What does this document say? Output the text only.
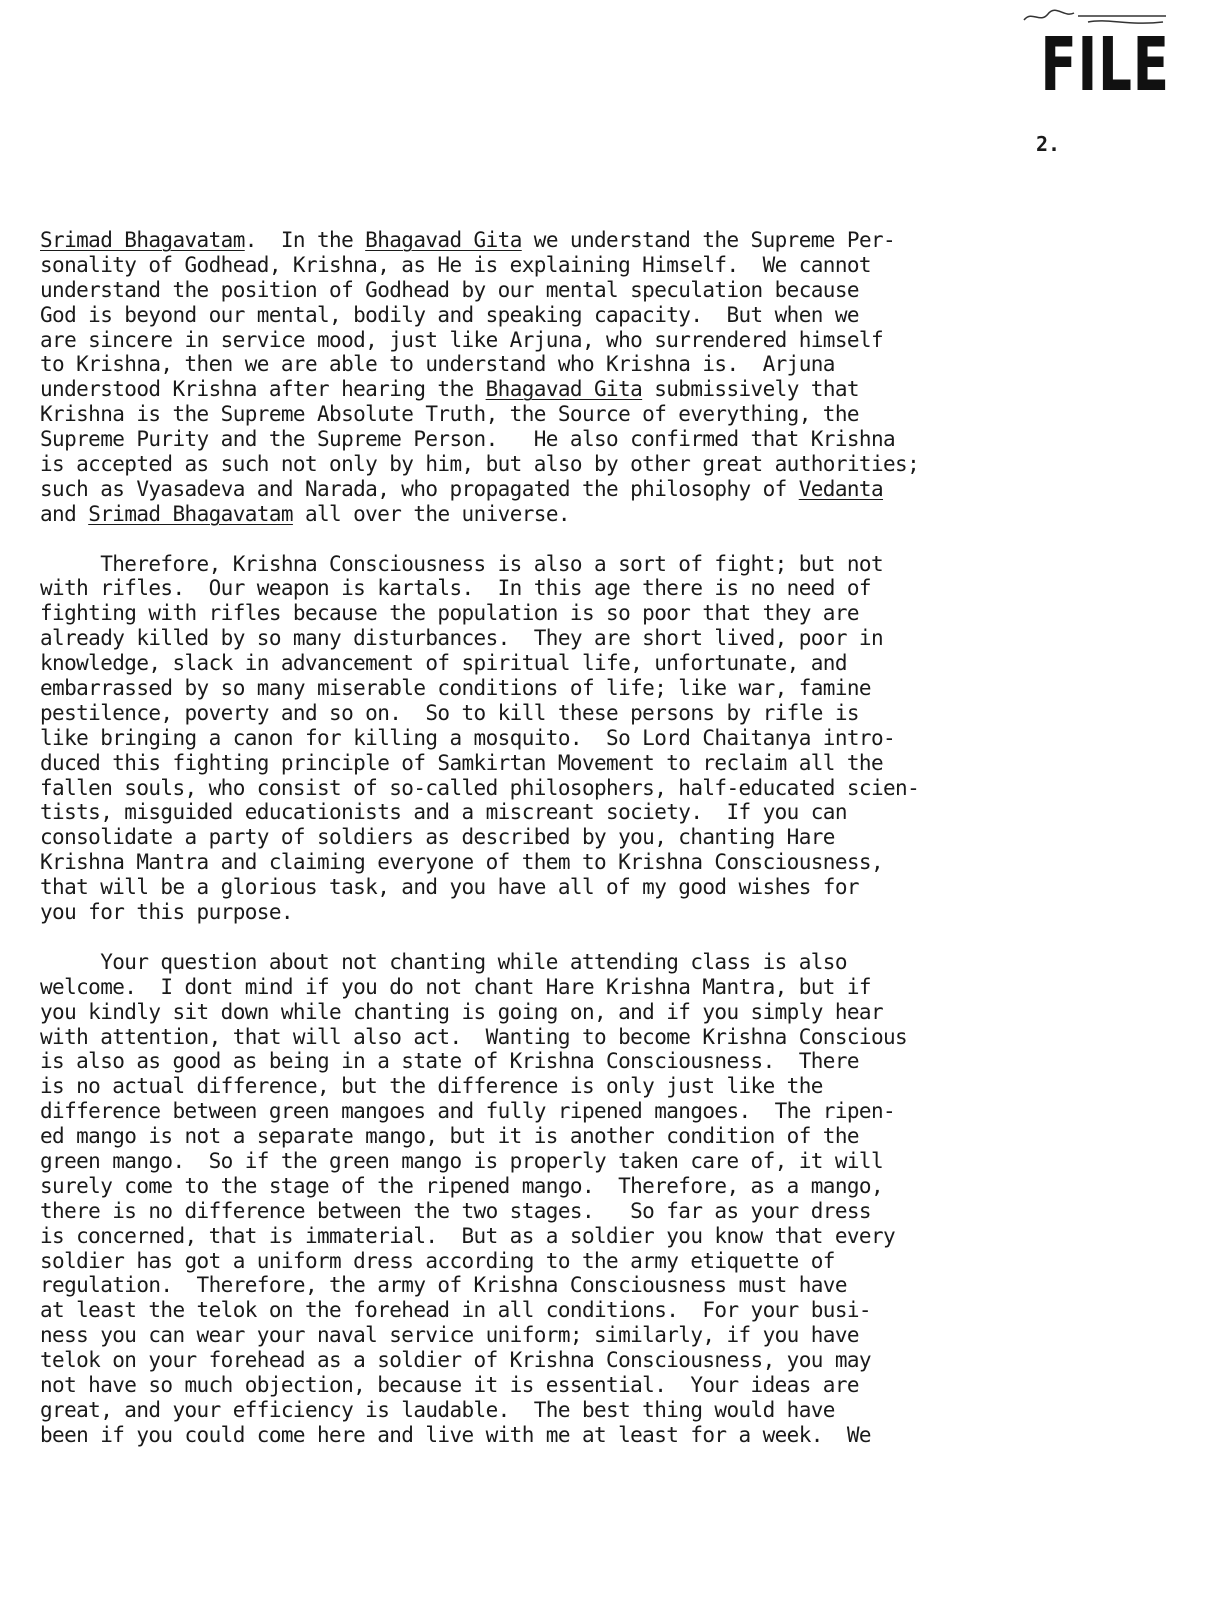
FILE
2.
Srimad Bhagavatam.  In the Bhagavad Gita we understand the Supreme Per-
sonality of Godhead, Krishna, as He is explaining Himself.  We cannot
understand the position of Godhead by our mental speculation because
God is beyond our mental, bodily and speaking capacity.  But when we
are sincere in service mood, just like Arjuna, who surrendered himself
to Krishna, then we are able to understand who Krishna is.  Arjuna
understood Krishna after hearing the Bhagavad Gita submissively that
Krishna is the Supreme Absolute Truth, the Source of everything, the
Supreme Purity and the Supreme Person.   He also confirmed that Krishna
is accepted as such not only by him, but also by other great authorities;
such as Vyasadeva and Narada, who propagated the philosophy of Vedanta
and Srimad Bhagavatam all over the universe.
Therefore, Krishna Consciousness is also a sort of fight; but not
with rifles.  Our weapon is kartals.  In this age there is no need of
fighting with rifles because the population is so poor that they are
already killed by so many disturbances.  They are short lived, poor in
knowledge, slack in advancement of spiritual life, unfortunate, and
embarrassed by so many miserable conditions of life; like war, famine
pestilence, poverty and so on.  So to kill these persons by rifle is
like bringing a canon for killing a mosquito.  So Lord Chaitanya intro-
duced this fighting principle of Samkirtan Movement to reclaim all the
fallen souls, who consist of so-called philosophers, half-educated scien-
tists, misguided educationists and a miscreant society.  If you can
consolidate a party of soldiers as described by you, chanting Hare
Krishna Mantra and claiming everyone of them to Krishna Consciousness,
that will be a glorious task, and you have all of my good wishes for
you for this purpose.
Your question about not chanting while attending class is also
welcome.  I dont mind if you do not chant Hare Krishna Mantra, but if
you kindly sit down while chanting is going on, and if you simply hear
with attention, that will also act.  Wanting to become Krishna Conscious
is also as good as being in a state of Krishna Consciousness.  There
is no actual difference, but the difference is only just like the
difference between green mangoes and fully ripened mangoes.  The ripen-
ed mango is not a separate mango, but it is another condition of the
green mango.  So if the green mango is properly taken care of, it will
surely come to the stage of the ripened mango.  Therefore, as a mango,
there is no difference between the two stages.   So far as your dress
is concerned, that is immaterial.  But as a soldier you know that every
soldier has got a uniform dress according to the army etiquette of
regulation.  Therefore, the army of Krishna Consciousness must have
at least the telok on the forehead in all conditions.  For your busi-
ness you can wear your naval service uniform; similarly, if you have
telok on your forehead as a soldier of Krishna Consciousness, you may
not have so much objection, because it is essential.  Your ideas are
great, and your efficiency is laudable.  The best thing would have
been if you could come here and live with me at least for a week.  We
